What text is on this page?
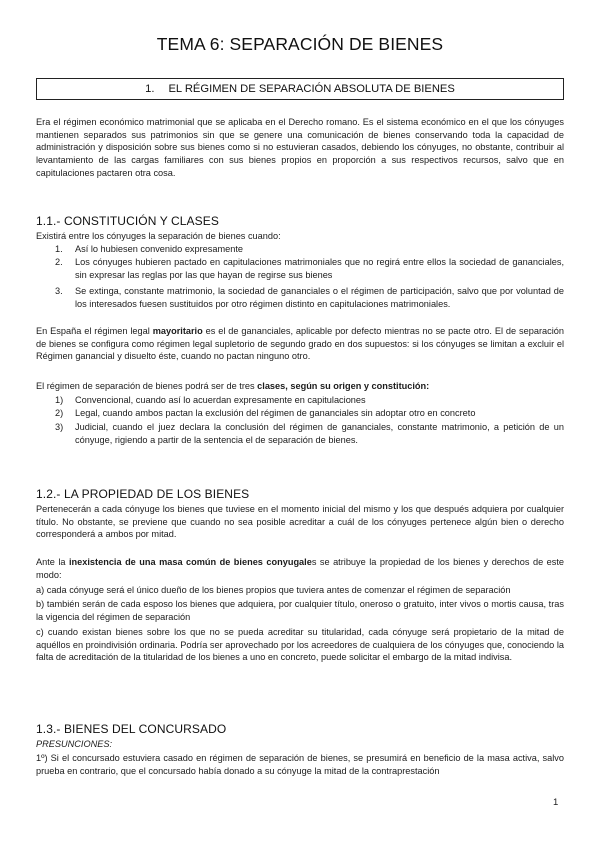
TEMA 6: SEPARACIÓN DE BIENES
1. EL RÉGIMEN DE SEPARACIÓN ABSOLUTA DE BIENES
Era el régimen económico matrimonial que se aplicaba en el Derecho romano. Es el sistema económico en el que los cónyuges mantienen separados sus patrimonios sin que se genere una comunicación de bienes conservando toda la capacidad de administración y disposición sobre sus bienes como si no estuvieran casados, debiendo los cónyuges, no obstante, contribuir al levantamiento de las cargas familiares con sus bienes propios en proporción a sus respectivos recursos, salvo que en capitulaciones pactaren otra cosa.
1.1.- CONSTITUCIÓN Y CLASES
Existirá entre los cónyuges la separación de bienes cuando:
1. Así lo hubiesen convenido expresamente
2. Los cónyuges hubieren pactado en capitulaciones matrimoniales que no regirá entre ellos la sociedad de gananciales, sin expresar las reglas por las que hayan de regirse sus bienes
3. Se extinga, constante matrimonio, la sociedad de gananciales o el régimen de participación, salvo que por voluntad de los interesados fuesen sustituidos por otro régimen distinto en capitulaciones matrimoniales.
En España el régimen legal mayoritario es el de gananciales, aplicable por defecto mientras no se pacte otro. El de separación de bienes se configura como régimen legal supletorio de segundo grado en dos supuestos: si los cónyuges se limitan a excluir el Régimen ganancial y disuelto éste, cuando no pactan ninguno otro.
El régimen de separación de bienes podrá ser de tres clases, según su origen y constitución:
1) Convencional, cuando así lo acuerdan expresamente en capitulaciones
2) Legal, cuando ambos pactan la exclusión del régimen de gananciales sin adoptar otro en concreto
3) Judicial, cuando el juez declara la conclusión del régimen de gananciales, constante matrimonio, a petición de un cónyuge, rigiendo a partir de la sentencia el de separación de bienes.
1.2.- LA PROPIEDAD DE LOS BIENES
Pertenecerán a cada cónyuge los bienes que tuviese en el momento inicial del mismo y los que después adquiera por cualquier título. No obstante, se previene que cuando no sea posible acreditar a cuál de los cónyuges pertenece algún bien o derecho corresponderá a ambos por mitad.
Ante la inexistencia de una masa común de bienes conyugales se atribuye la propiedad de los bienes y derechos de este modo:
a) cada cónyuge será el único dueño de los bienes propios que tuviera antes de comenzar el régimen de separación
b) también serán de cada esposo los bienes que adquiera, por cualquier título, oneroso o gratuito, inter vivos o mortis causa, tras la vigencia del régimen de separación
c) cuando existan bienes sobre los que no se pueda acreditar su titularidad, cada cónyuge será propietario de la mitad de aquéllos en proindivisión ordinaria. Podría ser aprovechado por los acreedores de cualquiera de los cónyuges que, conociendo la falta de acreditación de la titularidad de los bienes a uno en concreto, puede solicitar el embargo de la mitad indivisa.
1.3.- BIENES DEL CONCURSADO
PRESUNCIONES:
1º) Si el concursado estuviera casado en régimen de separación de bienes, se presumirá en beneficio de la masa activa, salvo prueba en contrario, que el concursado había donado a su cónyuge la mitad de la contraprestación
1
